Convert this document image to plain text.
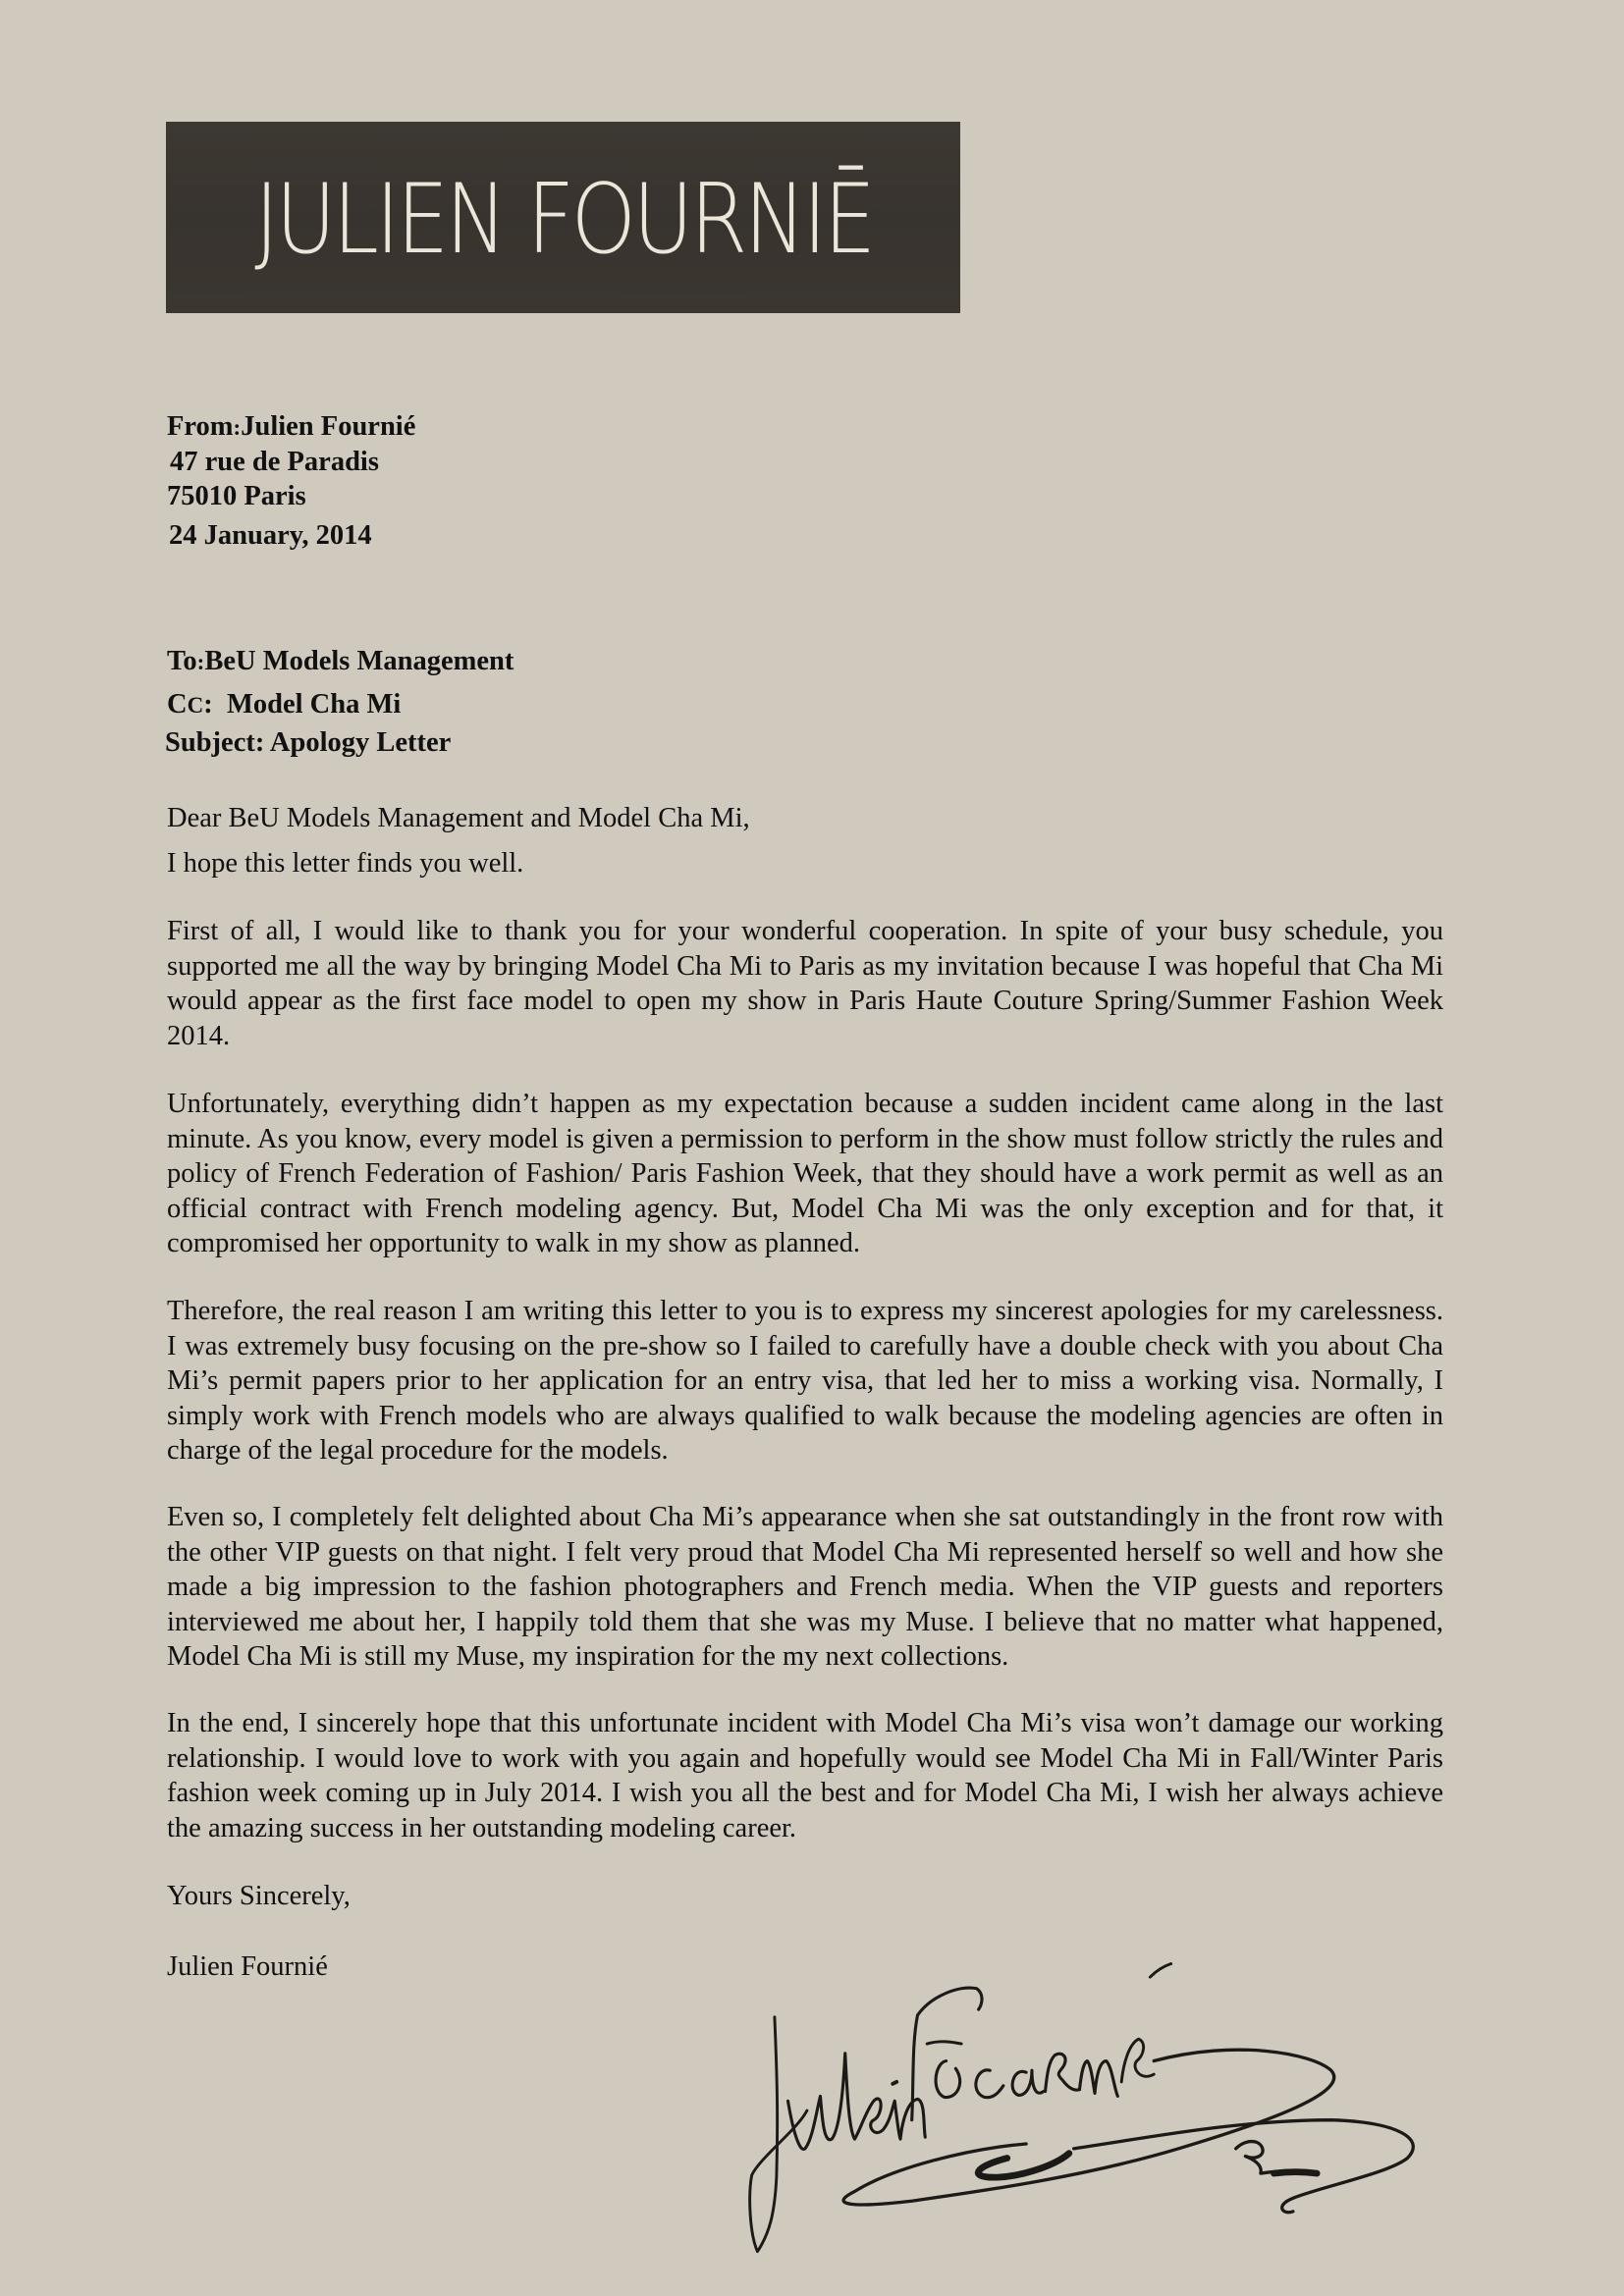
JULIEN FOURNIĒ
From:Julien Fournié
47 rue de Paradis
75010 Paris
24 January, 2014
To:BeU Models Management
CC: Model Cha Mi
Subject: Apology Letter
Dear BeU Models Management and Model Cha Mi,
I hope this letter finds you well.

First of all, I would like to thank you for your wonderful cooperation. In spite of your busy schedule, you supported me all the way by bringing Model Cha Mi to Paris as my invitation because I was hopeful that Cha Mi would appear as the first face model to open my show in Paris Haute Couture Spring/Summer Fashion Week 2014.

Unfortunately, everything didn’t happen as my expectation because a sudden incident came along in the last minute. As you know, every model is given a permission to perform in the show must follow strictly the rules and policy of French Federation of Fashion/ Paris Fashion Week, that they should have a work permit as well as an official contract with French modeling agency. But, Model Cha Mi was the only exception and for that, it compromised her opportunity to walk in my show as planned.

Therefore, the real reason I am writing this letter to you is to express my sincerest apologies for my carelessness. I was extremely busy focusing on the pre-show so I failed to carefully have a double check with you about Cha Mi’s permit papers prior to her application for an entry visa, that led her to miss a working visa. Normally, I simply work with French models who are always qualified to walk because the modeling agencies are often in charge of the legal procedure for the models.

Even so, I completely felt delighted about Cha Mi’s appearance when she sat outstandingly in the front row with the other VIP guests on that night. I felt very proud that Model Cha Mi represented herself so well and how she made a big impression to the fashion photographers and French media. When the VIP guests and reporters interviewed me about her, I happily told them that she was my Muse. I believe that no matter what happened, Model Cha Mi is still my Muse, my inspiration for the my next collections.

In the end, I sincerely hope that this unfortunate incident with Model Cha Mi’s visa won’t damage our working relationship. I would love to work with you again and hopefully would see Model Cha Mi in Fall/Winter Paris fashion week coming up in July 2014. I wish you all the best and for Model Cha Mi, I wish her always achieve the amazing success in her outstanding modeling career.

Yours Sincerely,
Julien Fournié
